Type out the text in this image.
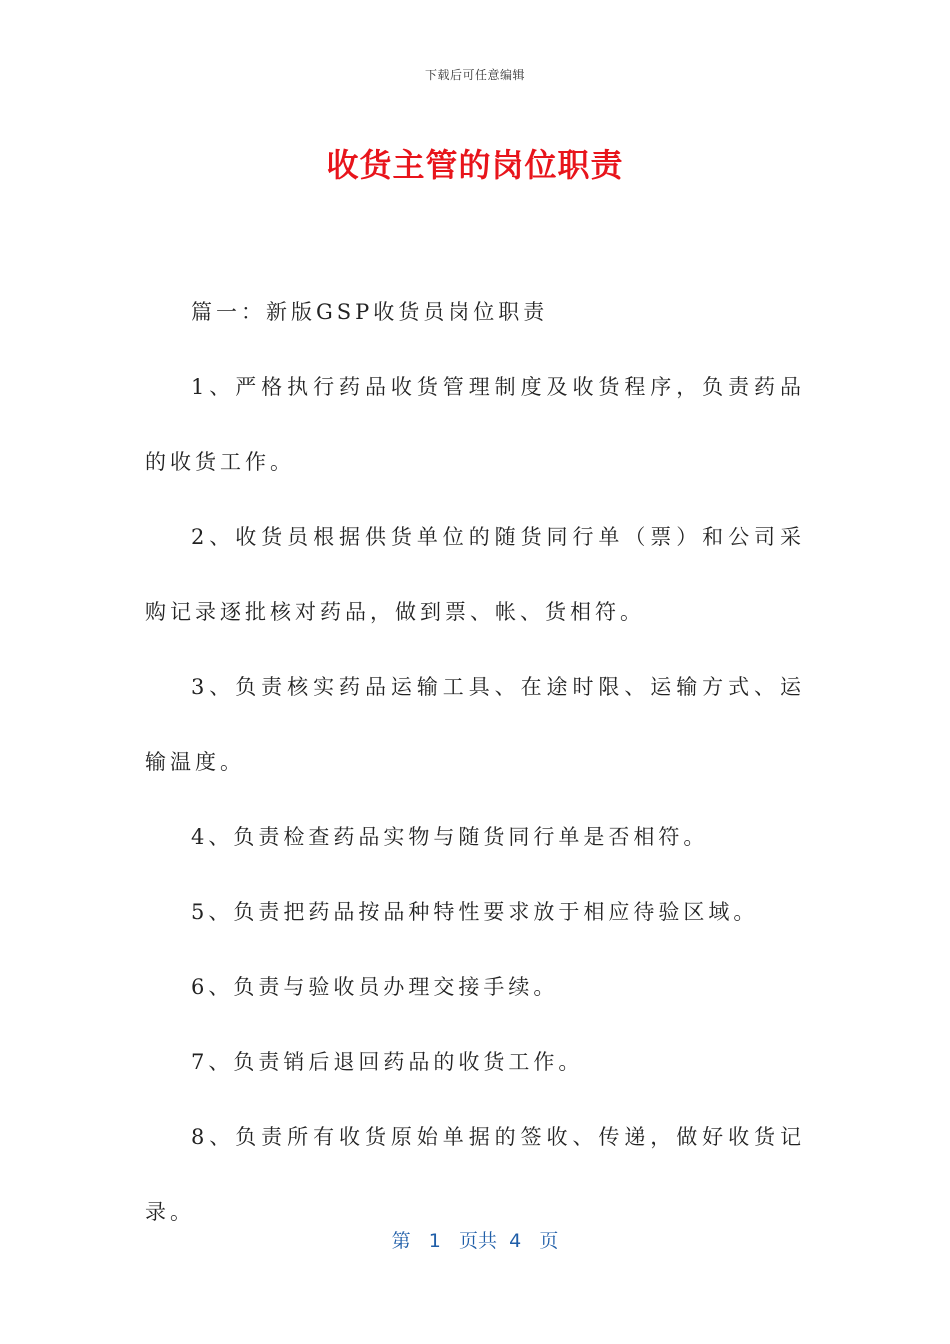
下载后可任意编辑
收货主管的岗位职责

篇一：新版GSP收货员岗位职责

1、严格执行药品收货管理制度及收货程序，负责药品的收货工作。

2、收货员根据供货单位的随货同行单（票）和公司采购记录逐批核对药品，做到票、帐、货相符。

3、负责核实药品运输工具、在途时限、运输方式、运输温度。

4、负责检查药品实物与随货同行单是否相符。

5、负责把药品按品种特性要求放于相应待验区域。

6、负责与验收员办理交接手续。

7、负责销后退回药品的收货工作。

8、负责所有收货原始单据的签收、传递，做好收货记录。

第 1 页共 4 页
